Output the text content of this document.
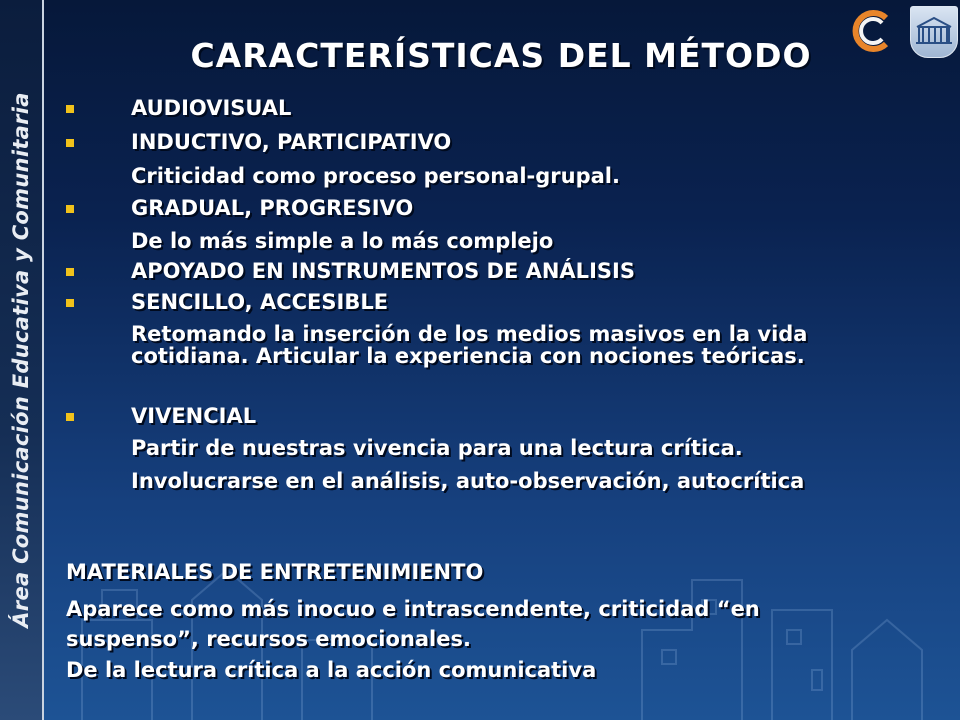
Área Comunicación Educativa y Comunitaria
CARACTERÍSTICAS DEL MÉTODO
AUDIOVISUAL
INDUCTIVO, PARTICIPATIVO
Criticidad como proceso personal-grupal.
GRADUAL, PROGRESIVO
De lo más simple a lo más complejo
APOYADO EN INSTRUMENTOS DE ANÁLISIS
SENCILLO, ACCESIBLE
Retomando la inserción de los medios masivos en la vida cotidiana. Articular la experiencia con nociones teóricas.
VIVENCIAL
Partir de nuestras vivencia para una lectura crítica.
Involucrarse en el análisis, auto-observación, autocrítica
MATERIALES DE ENTRETENIMIENTO
Aparece como más inocuo e intrascendente, criticidad “en
suspenso”, recursos emocionales.
De la lectura crítica a la acción comunicativa
